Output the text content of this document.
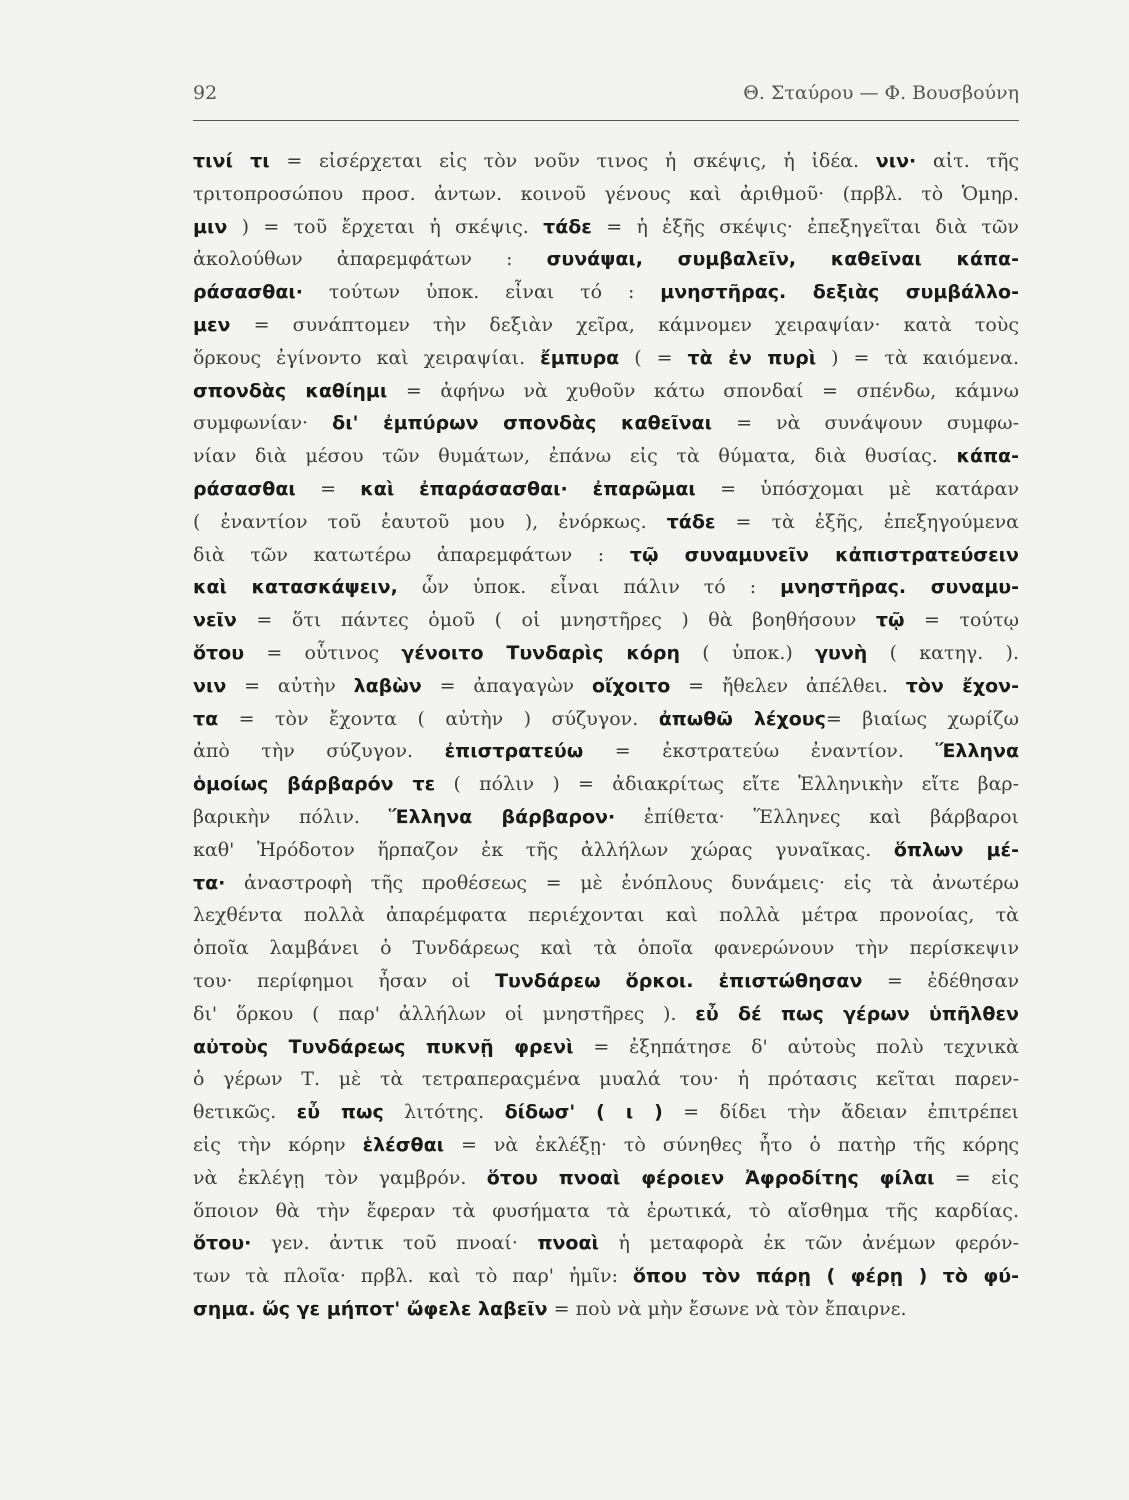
92	Θ. Σταύρου — Φ. Βουσβούνη
τινί τι = εἰσέρχεται εἰς τὸν νοῦν τινος ἡ σκέψις, ἡ ἰδέα. νιν· αἰτ. τῆς
τριτοπροσώπου προσ. ἀντων. κοινοῦ γένους καὶ ἀριθμοῦ· (πρβλ. τὸ Ὁμηρ.
μιν ) = τοῦ ἔρχεται ἡ σκέψις. τάδε = ἡ ἑξῆς σκέψις· ἐπεξηγεῖται διὰ τῶν
ἀκολούθων ἀπαρεμφάτων : συνάψαι, συμβαλεῖν, καθεῖναι κάπα-
ράσασθαι· τούτων ὑποκ. εἶναι τό : μνηστῆρας. δεξιὰς συμβάλλο-
μεν = συνάπτομεν τὴν δεξιὰν χεῖρα, κάμνομεν χειραψίαν· κατὰ τοὺς
ὅρκους ἐγίνοντο καὶ χειραψίαι. ἔμπυρα ( = τὰ ἐν πυρὶ ) = τὰ καιόμενα.
σπονδὰς καθίημι = ἀφήνω νὰ χυθοῦν κάτω σπονδαί = σπένδω, κάμνω
συμφωνίαν· δι' ἐμπύρων σπονδὰς καθεῖναι = νὰ συνάψουν συμφω-
νίαν διὰ μέσου τῶν θυμάτων, ἐπάνω εἰς τὰ θύματα, διὰ θυσίας. κάπα-
ράσασθαι = καὶ ἐπαράσασθαι· ἐπαρῶμαι = ὑπόσχομαι μὲ κατάραν
( ἐναντίον τοῦ ἑαυτοῦ μου ), ἐνόρκως. τάδε = τὰ ἑξῆς, ἐπεξηγούμενα
διὰ τῶν κατωτέρω ἀπαρεμφάτων : τῷ συναμυνεῖν κἀπιστρατεύσειν
καὶ κατασκάψειν, ὧν ὑποκ. εἶναι πάλιν τό : μνηστῆρας. συναμυ-
νεῖν = ὅτι πάντες ὁμοῦ ( οἱ μνηστῆρες ) θὰ βοηθήσουν τῷ = τούτῳ
ὅτου = οὗτινος γένοιτο Τυνδαρὶς κόρη ( ὑποκ.) γυνὴ ( κατηγ. ).
νιν = αὐτὴν λαβὼν = ἀπαγαγὼν οἴχοιτο = ἤθελεν ἀπέλθει. τὸν ἔχον-
τα = τὸν ἔχοντα ( αὐτὴν ) σύζυγον. ἀπωθῶ λέχους= βιαίως χωρίζω
ἀπὸ τὴν σύζυγον. ἐπιστρατεύω = ἐκστρατεύω ἐναντίον. Ἕλληνα
ὁμοίως βάρβαρόν τε ( πόλιν ) = ἀδιακρίτως εἴτε Ἑλληνικὴν εἴτε βαρ-
βαρικὴν πόλιν. Ἕλληνα βάρβαρον· ἐπίθετα· Ἕλληνες καὶ βάρβαροι
καθ' Ἡρόδοτον ἥρπαζον ἐκ τῆς ἀλλήλων χώρας γυναῖκας. ὅπλων μέ-
τα· ἀναστροφὴ τῆς προθέσεως = μὲ ἐνόπλους δυνάμεις· εἰς τὰ ἀνωτέρω
λεχθέντα πολλὰ ἀπαρέμφατα περιέχονται καὶ πολλὰ μέτρα προνοίας, τὰ
ὁποῖα λαμβάνει ὁ Τυνδάρεως καὶ τὰ ὁποῖα φανερώνουν τὴν περίσκεψιν
του· περίφημοι ἦσαν οἱ Τυνδάρεω ὅρκοι. ἐπιστώθησαν = ἐδέθησαν
δι' ὅρκου ( παρ' ἀλλήλων οἱ μνηστῆρες ). εὖ δέ πως γέρων ὑπῆλθεν
αὐτοὺς Τυνδάρεως πυκνῇ φρενὶ = ἐξηπάτησε δ' αὐτοὺς πολὺ τεχνικὰ
ὁ γέρων Τ. μὲ τὰ τετραπεραςμένα μυαλά του· ἡ πρότασις κεῖται παρεν-
θετικῶς. εὖ πως λιτότης. δίδωσ' ( ι ) = δίδει τὴν ἄδειαν ἐπιτρέπει
εἰς τὴν κόρην ἑλέσθαι = νὰ ἐκλέξῃ· τὸ σύνηθες ἦτο ὁ πατὴρ τῆς κόρης
νὰ ἐκλέγῃ τὸν γαμβρόν. ὅτου πνοαὶ φέροιεν Ἀφροδίτης φίλαι = εἰς
ὅποιον θὰ τὴν ἔφεραν τὰ φυσήματα τὰ ἐρωτικά, τὸ αἴσθημα τῆς καρδίας.
ὅτου· γεν. ἀντικ τοῦ πνοαί· πνοαὶ ἡ μεταφορὰ ἐκ τῶν ἀνέμων φερόν-
των τὰ πλοῖα· πρβλ. καὶ τὸ παρ' ἡμῖν: ὅπου τὸν πάρῃ ( φέρῃ ) τὸ φύ-
σημα. ὥς γε μήποτ' ὤφελε λαβεῖν = ποὺ νὰ μὴν ἔσωνε νὰ τὸν ἔπαιρνε.
